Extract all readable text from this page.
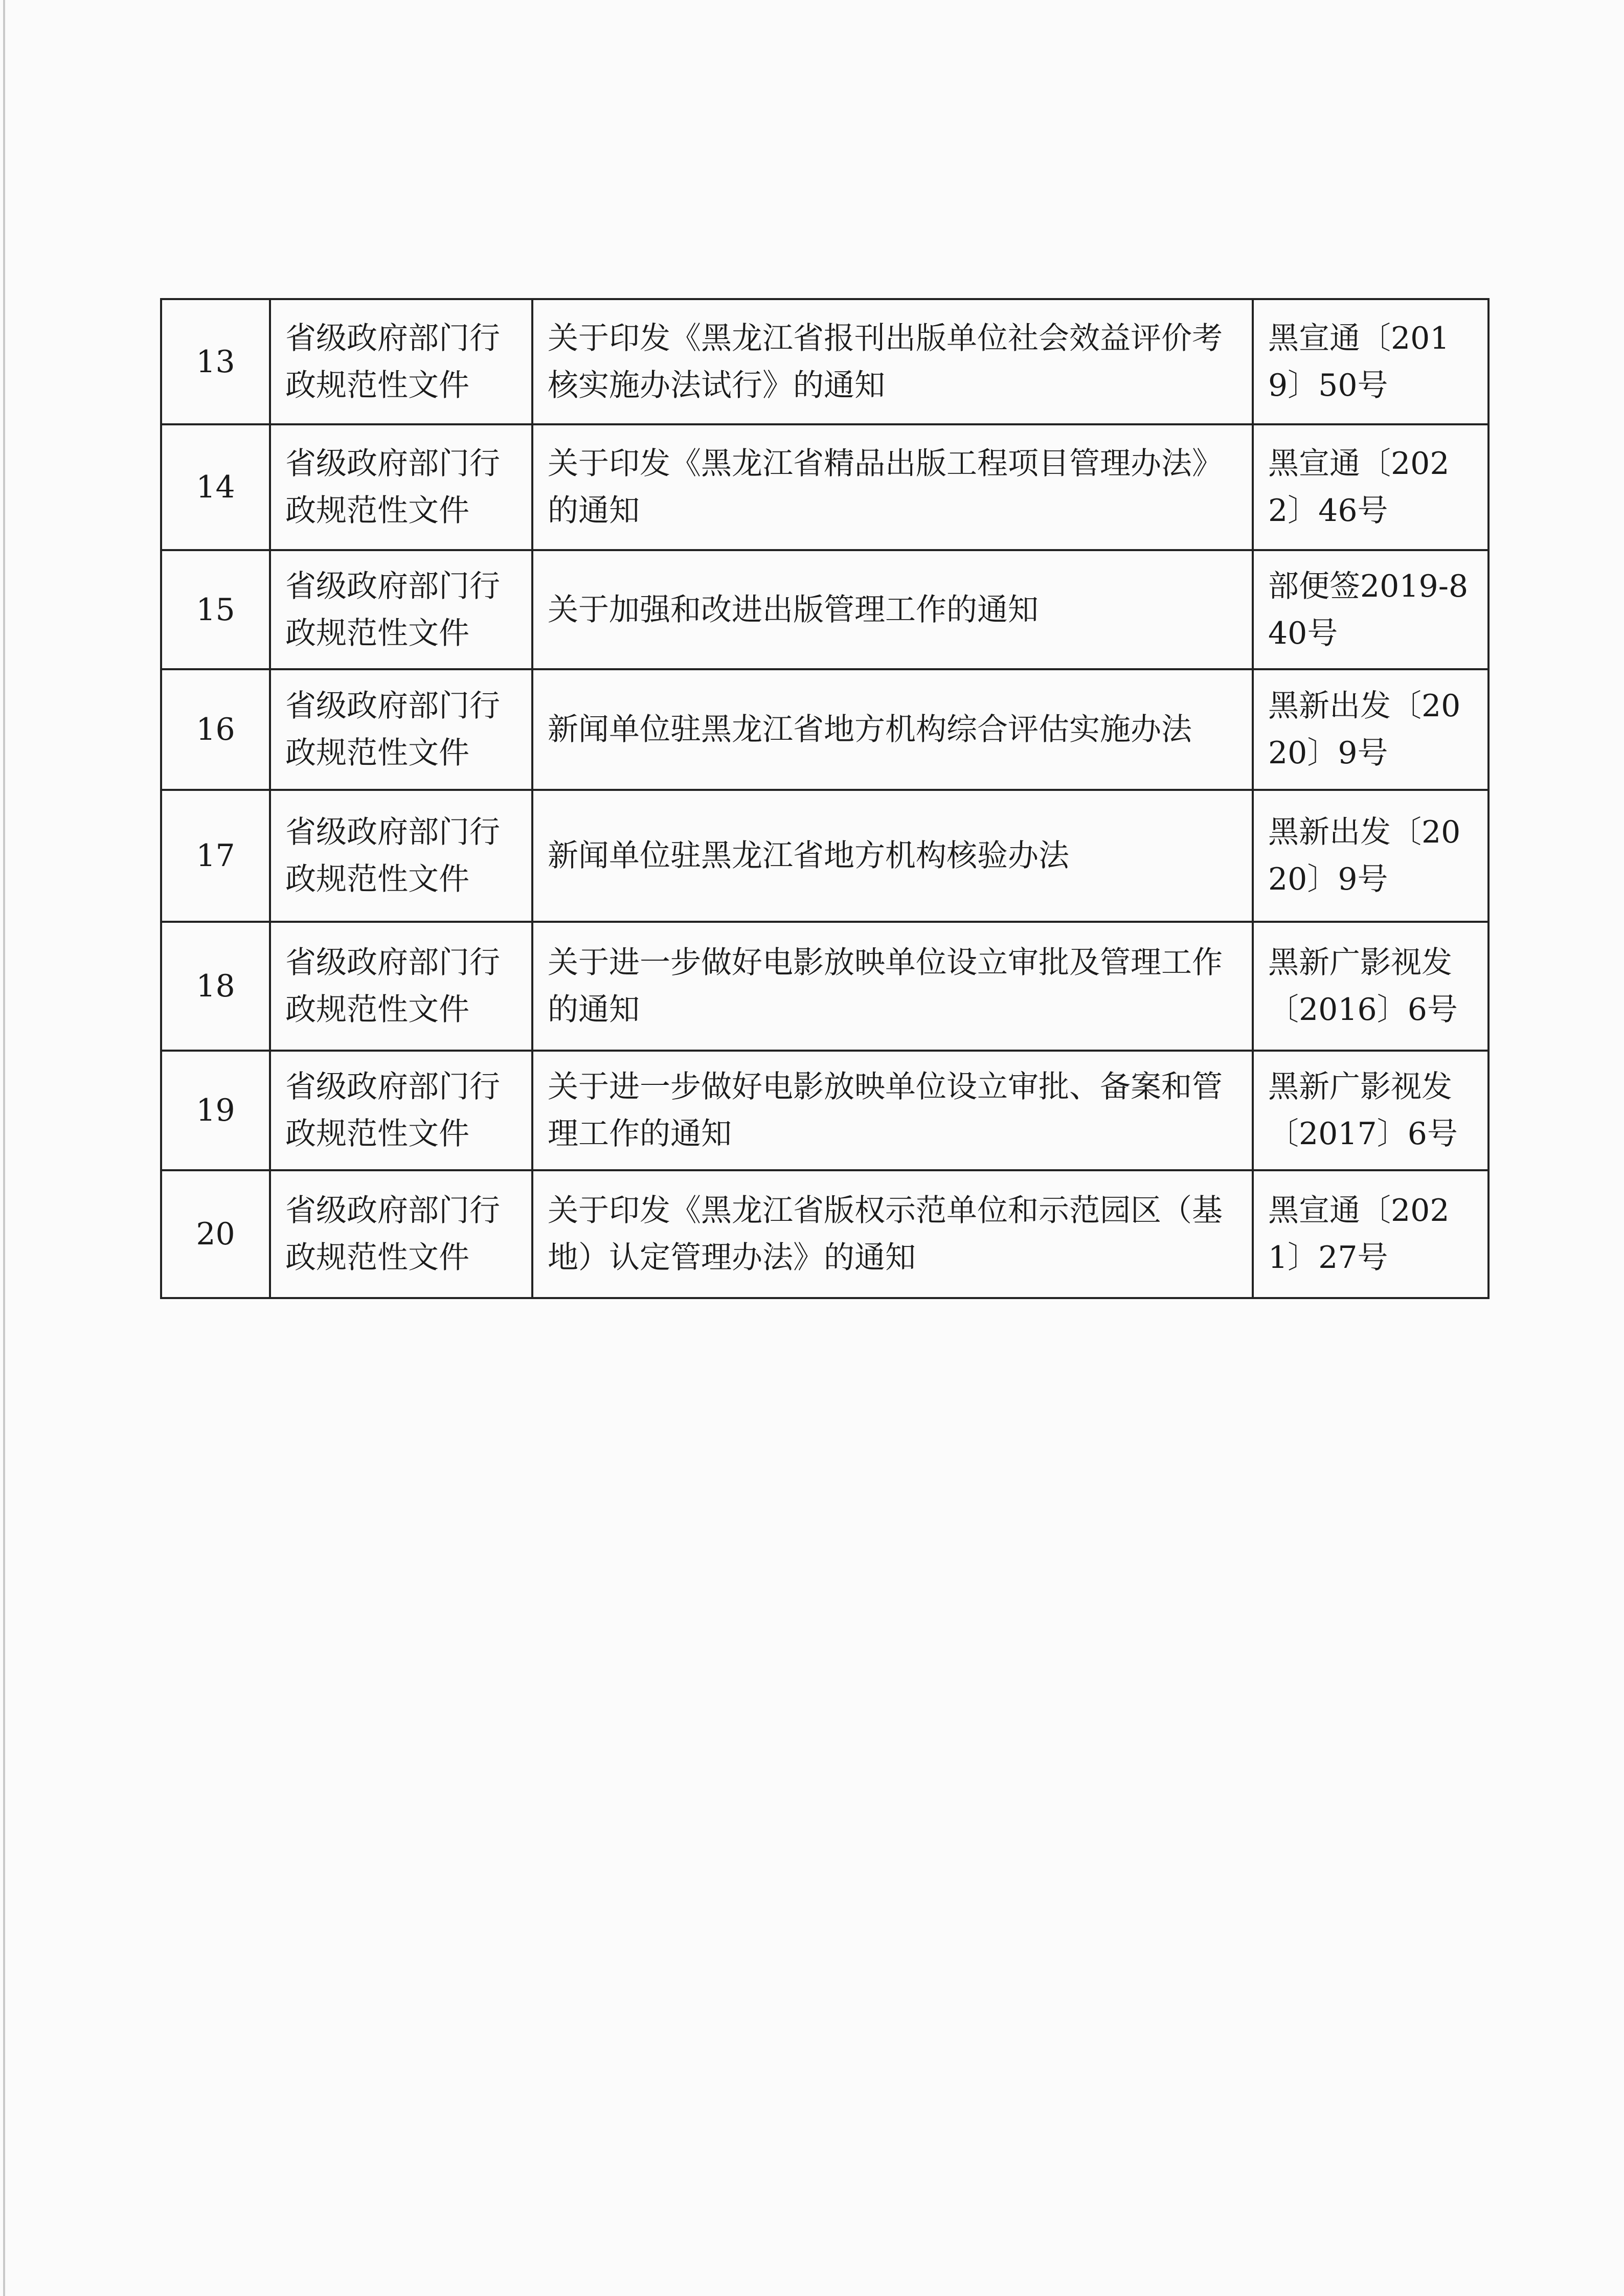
13	省级政府部门行政规范性文件	关于印发《黑龙江省报刊出版单位社会效益评价考核实施办法试行》的通知	黑宣通〔2019〕50号
14	省级政府部门行政规范性文件	关于印发《黑龙江省精品出版工程项目管理办法》的通知	黑宣通〔2022〕46号
15	省级政府部门行政规范性文件	关于加强和改进出版管理工作的通知	部便签2019-840号
16	省级政府部门行政规范性文件	新闻单位驻黑龙江省地方机构综合评估实施办法	黑新出发〔2020〕9号
17	省级政府部门行政规范性文件	新闻单位驻黑龙江省地方机构核验办法	黑新出发〔2020〕9号
18	省级政府部门行政规范性文件	关于进一步做好电影放映单位设立审批及管理工作的通知	黑新广影视发〔2016〕6号
19	省级政府部门行政规范性文件	关于进一步做好电影放映单位设立审批、备案和管理工作的通知	黑新广影视发〔2017〕6号
20	省级政府部门行政规范性文件	关于印发《黑龙江省版权示范单位和示范园区（基地）认定管理办法》的通知	黑宣通〔2021〕27号
